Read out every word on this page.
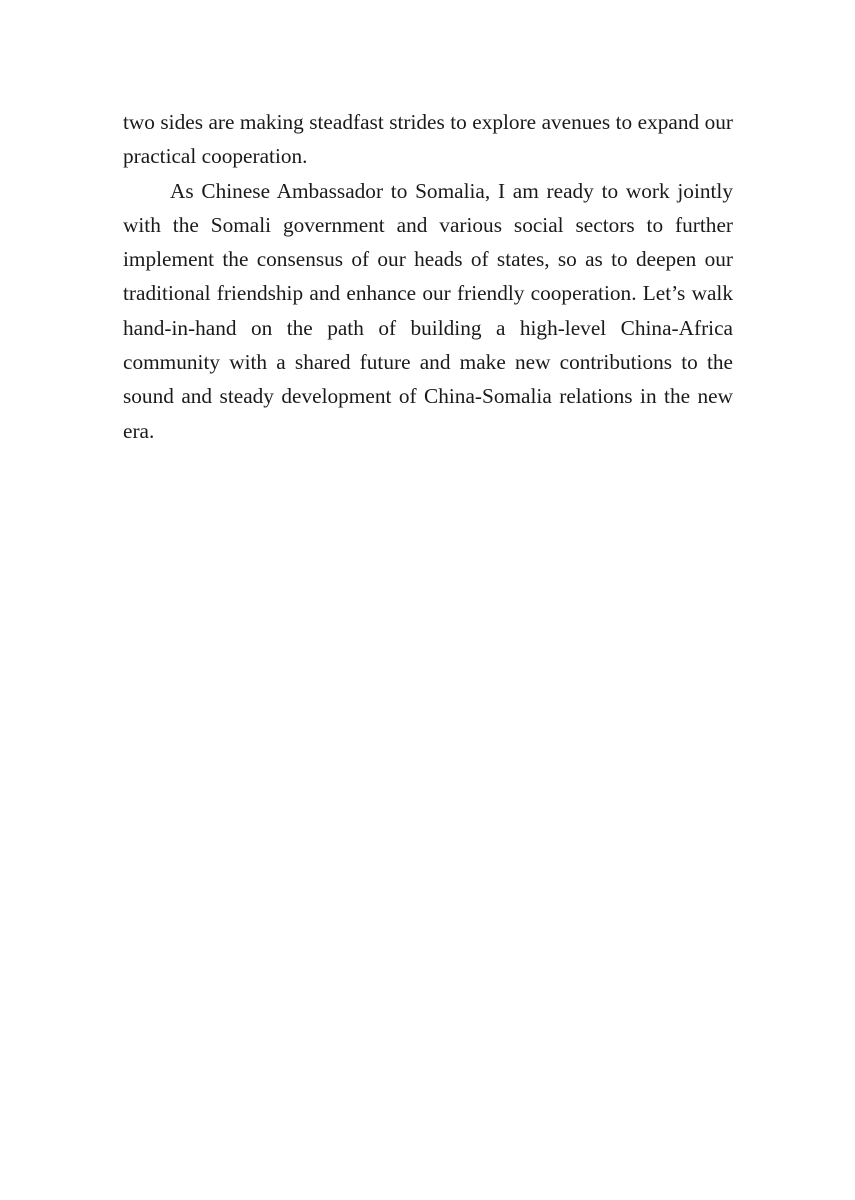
two sides are making steadfast strides to explore avenues to expand our practical cooperation.

As Chinese Ambassador to Somalia, I am ready to work jointly with the Somali government and various social sectors to further implement the consensus of our heads of states, so as to deepen our traditional friendship and enhance our friendly cooperation. Let’s walk hand-in-hand on the path of building a high-level China-Africa community with a shared future and make new contributions to the sound and steady development of China-Somalia relations in the new era.
